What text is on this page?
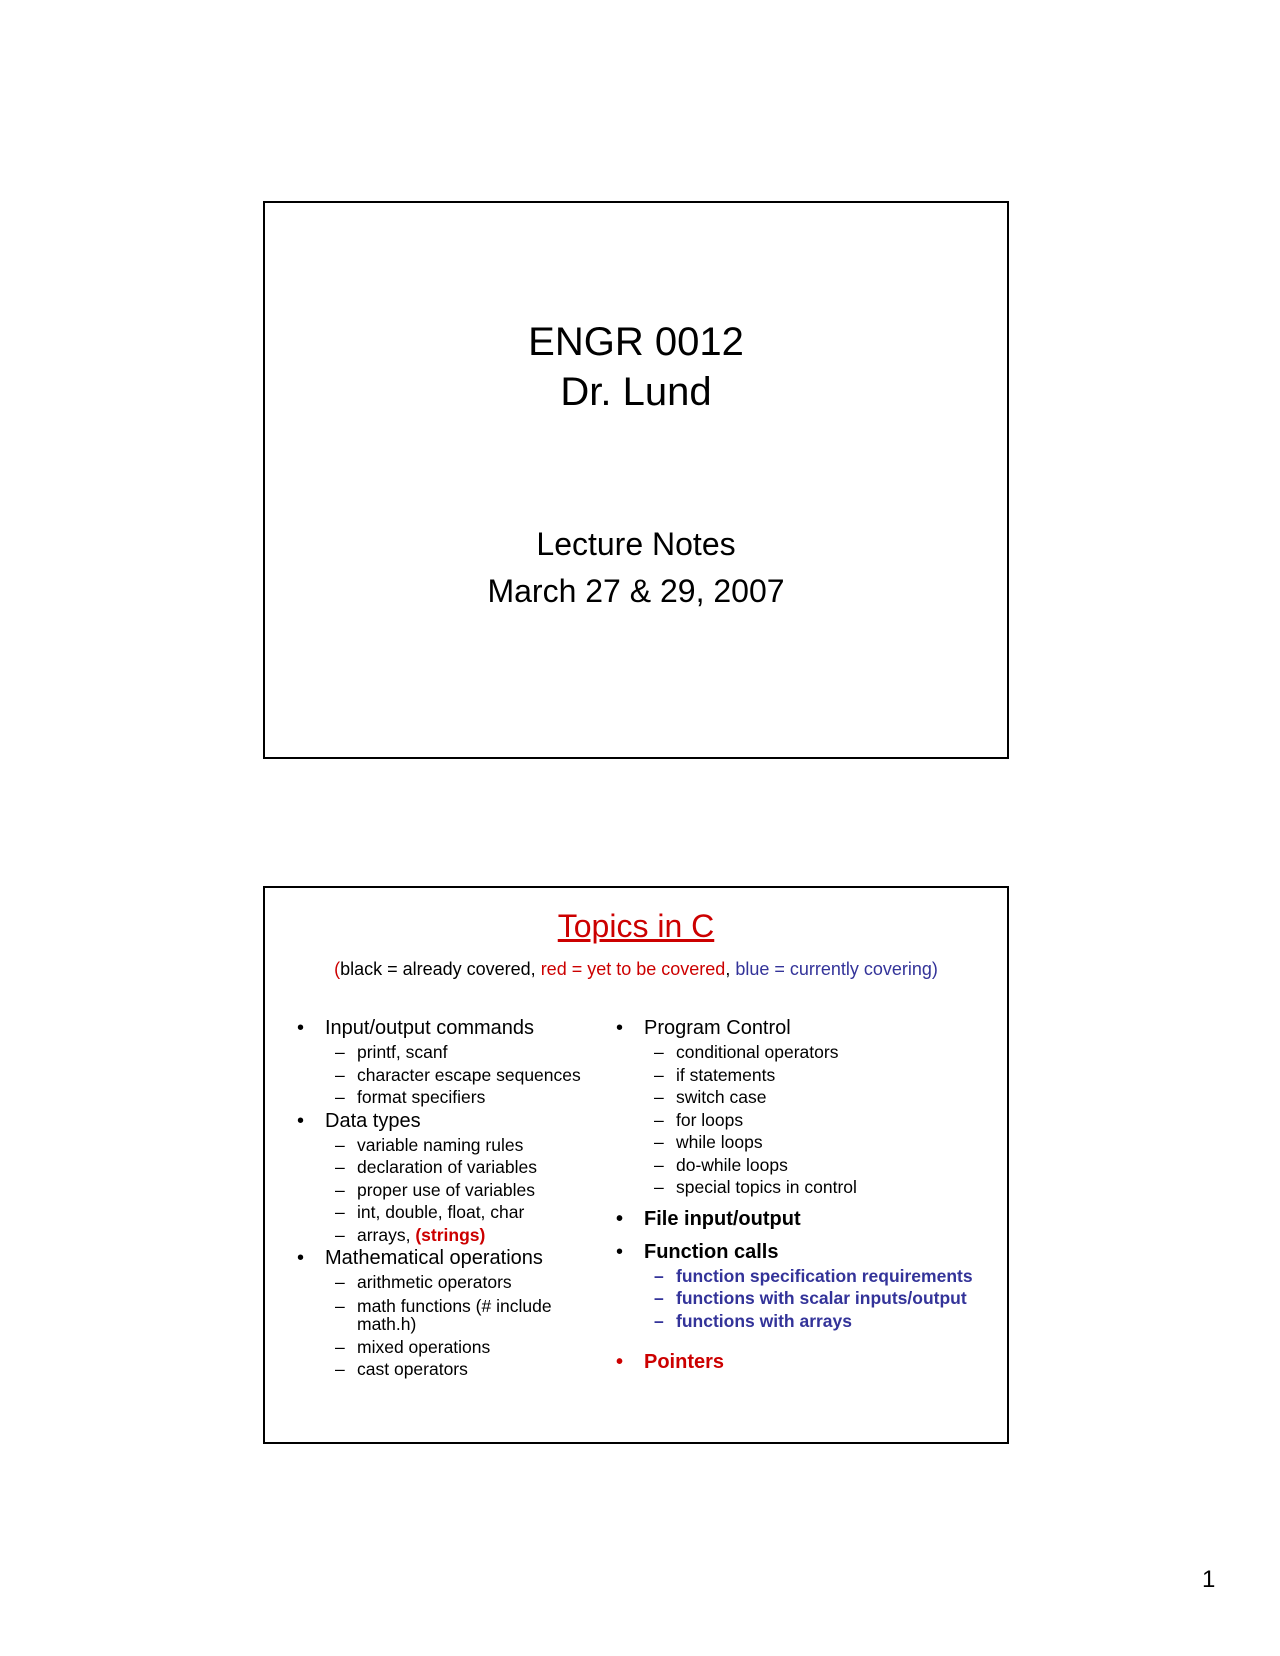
ENGR 0012
Dr. Lund
Lecture Notes
March 27 & 29, 2007
Topics in C
(black = already covered, red = yet to be covered, blue = currently covering)
• Input/output commands
– printf, scanf
– character escape sequences
– format specifiers
• Data types
– variable naming rules
– declaration of variables
– proper use of variables
– int, double, float, char
– arrays, (strings)
• Mathematical operations
– arithmetic operators
– math functions (# include math.h)
– mixed operations
– cast operators
• Program Control
– conditional operators
– if statements
– switch case
– for loops
– while loops
– do-while loops
– special topics in control
• File input/output
• Function calls
– function specification requirements
– functions with scalar inputs/output
– functions with arrays
• Pointers
1
